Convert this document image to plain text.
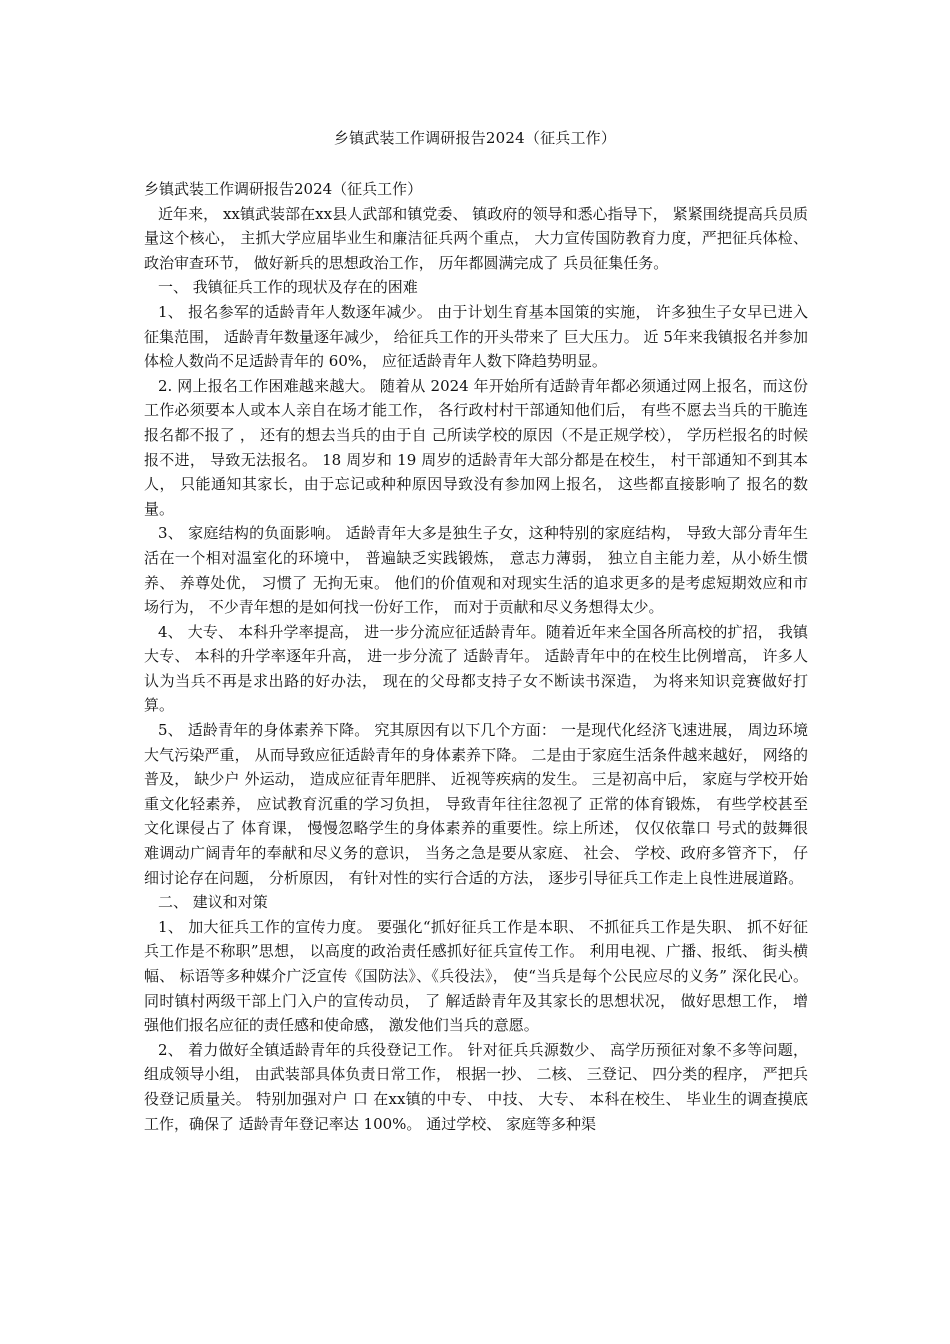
乡镇武装工作调研报告2024（征兵工作）

乡镇武装工作调研报告2024（征兵工作）

近年来， xx镇武装部在xx县人武部和镇党委、 镇政府的领导和悉心指导下， 紧紧围绕提高兵员质量这个核心， 主抓大学应届毕业生和廉洁征兵两个重点， 大力宣传国防教育力度，严把征兵体检、 政治审查环节， 做好新兵的思想政治工作， 历年都圆满完成了 兵员征集任务。

一、 我镇征兵工作的现状及存在的困难

1、 报名参军的适龄青年人数逐年减少。 由于计划生育基本国策的实施， 许多独生子女早已进入征集范围， 适龄青年数量逐年减少， 给征兵工作的开头带来了 巨大压力。 近 5年来我镇报名并参加体检人数尚不足适龄青年的 60%， 应征适龄青年人数下降趋势明显。

2. 网上报名工作困难越来越大。 随着从 2024 年开始所有适龄青年都必须通过网上报名，而这份工作必须要本人或本人亲自在场才能工作， 各行政村村干部通知他们后， 有些不愿去当兵的干脆连报名都不报了 ， 还有的想去当兵的由于自 己所读学校的原因（不是正规学校）， 学历栏报名的时候报不进， 导致无法报名。 18 周岁和 19 周岁的适龄青年大部分都是在校生， 村干部通知不到其本人， 只能通知其家长，由于忘记或种种原因导致没有参加网上报名， 这些都直接影响了 报名的数量。

3、 家庭结构的负面影响。 适龄青年大多是独生子女，这种特别的家庭结构， 导致大部分青年生活在一个相对温室化的环境中， 普遍缺乏实践锻炼， 意志力薄弱， 独立自主能力差，从小娇生惯养、 养尊处优， 习惯了 无拘无束。 他们的价值观和对现实生活的追求更多的是考虑短期效应和市场行为， 不少青年想的是如何找一份好工作， 而对于贡献和尽义务想得太少。

4、 大专、 本科升学率提高， 进一步分流应征适龄青年。随着近年来全国各所高校的扩招， 我镇大专、 本科的升学率逐年升高， 进一步分流了 适龄青年。 适龄青年中的在校生比例增高， 许多人认为当兵不再是求出路的好办法， 现在的父母都支持子女不断读书深造， 为将来知识竞赛做好打算。

5、 适龄青年的身体素养下降。 究其原因有以下几个方面： 一是现代化经济飞速进展， 周边环境大气污染严重， 从而导致应征适龄青年的身体素养下降。 二是由于家庭生活条件越来越好， 网络的普及， 缺少户 外运动， 造成应征青年肥胖、 近视等疾病的发生。 三是初高中后， 家庭与学校开始重文化轻素养， 应试教育沉重的学习负担， 导致青年往往忽视了 正常的体育锻炼， 有些学校甚至文化课侵占了 体育课， 慢慢忽略学生的身体素养的重要性。综上所述， 仅仅依靠口 号式的鼓舞很难调动广阔青年的奉献和尽义务的意识， 当务之急是要从家庭、 社会、 学校、政府多管齐下， 仔细讨论存在问题， 分析原因， 有针对性的实行合适的方法， 逐步引导征兵工作走上良性进展道路。

二、 建议和对策

1、 加大征兵工作的宣传力度。 要强化“抓好征兵工作是本职、 不抓征兵工作是失职、 抓不好征兵工作是不称职”思想， 以高度的政治责任感抓好征兵宣传工作。 利用电视、广播、报纸、 街头横幅、 标语等多种媒介广泛宣传《国防法》、《兵役法》， 使“当兵是每个公民应尽的义务” 深化民心。同时镇村两级干部上门入户的宣传动员， 了 解适龄青年及其家长的思想状况， 做好思想工作， 增强他们报名应征的责任感和使命感， 激发他们当兵的意愿。

2、 着力做好全镇适龄青年的兵役登记工作。 针对征兵兵源数少、 高学历预征对象不多等问题， 组成领导小组， 由武装部具体负责日常工作， 根据一抄、 二核、 三登记、 四分类的程序， 严把兵役登记质量关。 特别加强对户 口 在xx镇的中专、 中技、 大专、 本科在校生、 毕业生的调查摸底工作，确保了 适龄青年登记率达 100%。 通过学校、 家庭等多种渠
